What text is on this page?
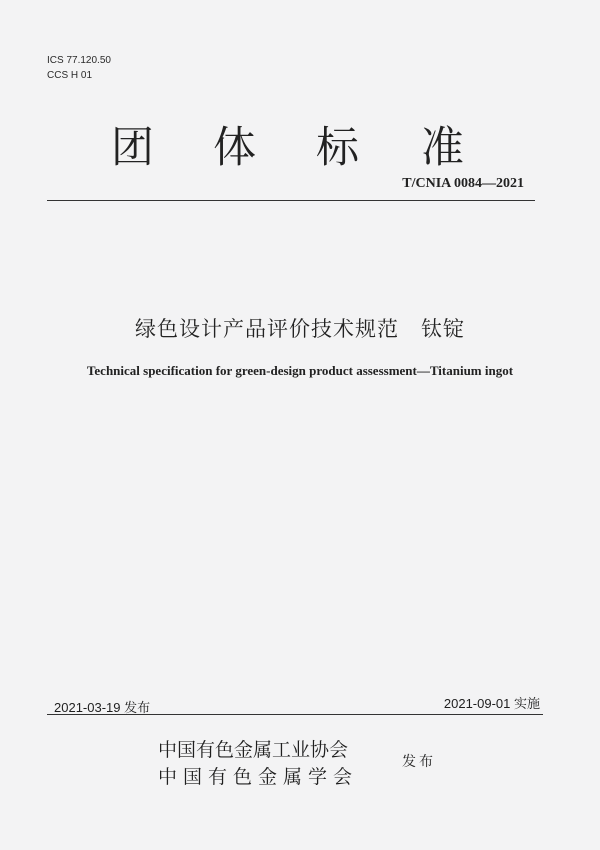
ICS 77.120.50
CCS H 01
团 体 标 准
T/CNIA 0084—2021
绿色设计产品评价技术规范　钛锭
Technical specification for green-design product assessment—Titanium ingot
2021-03-19 发布	2021-09-01 实施
中国有色金属工业协会
中国有色金属学会
发布
